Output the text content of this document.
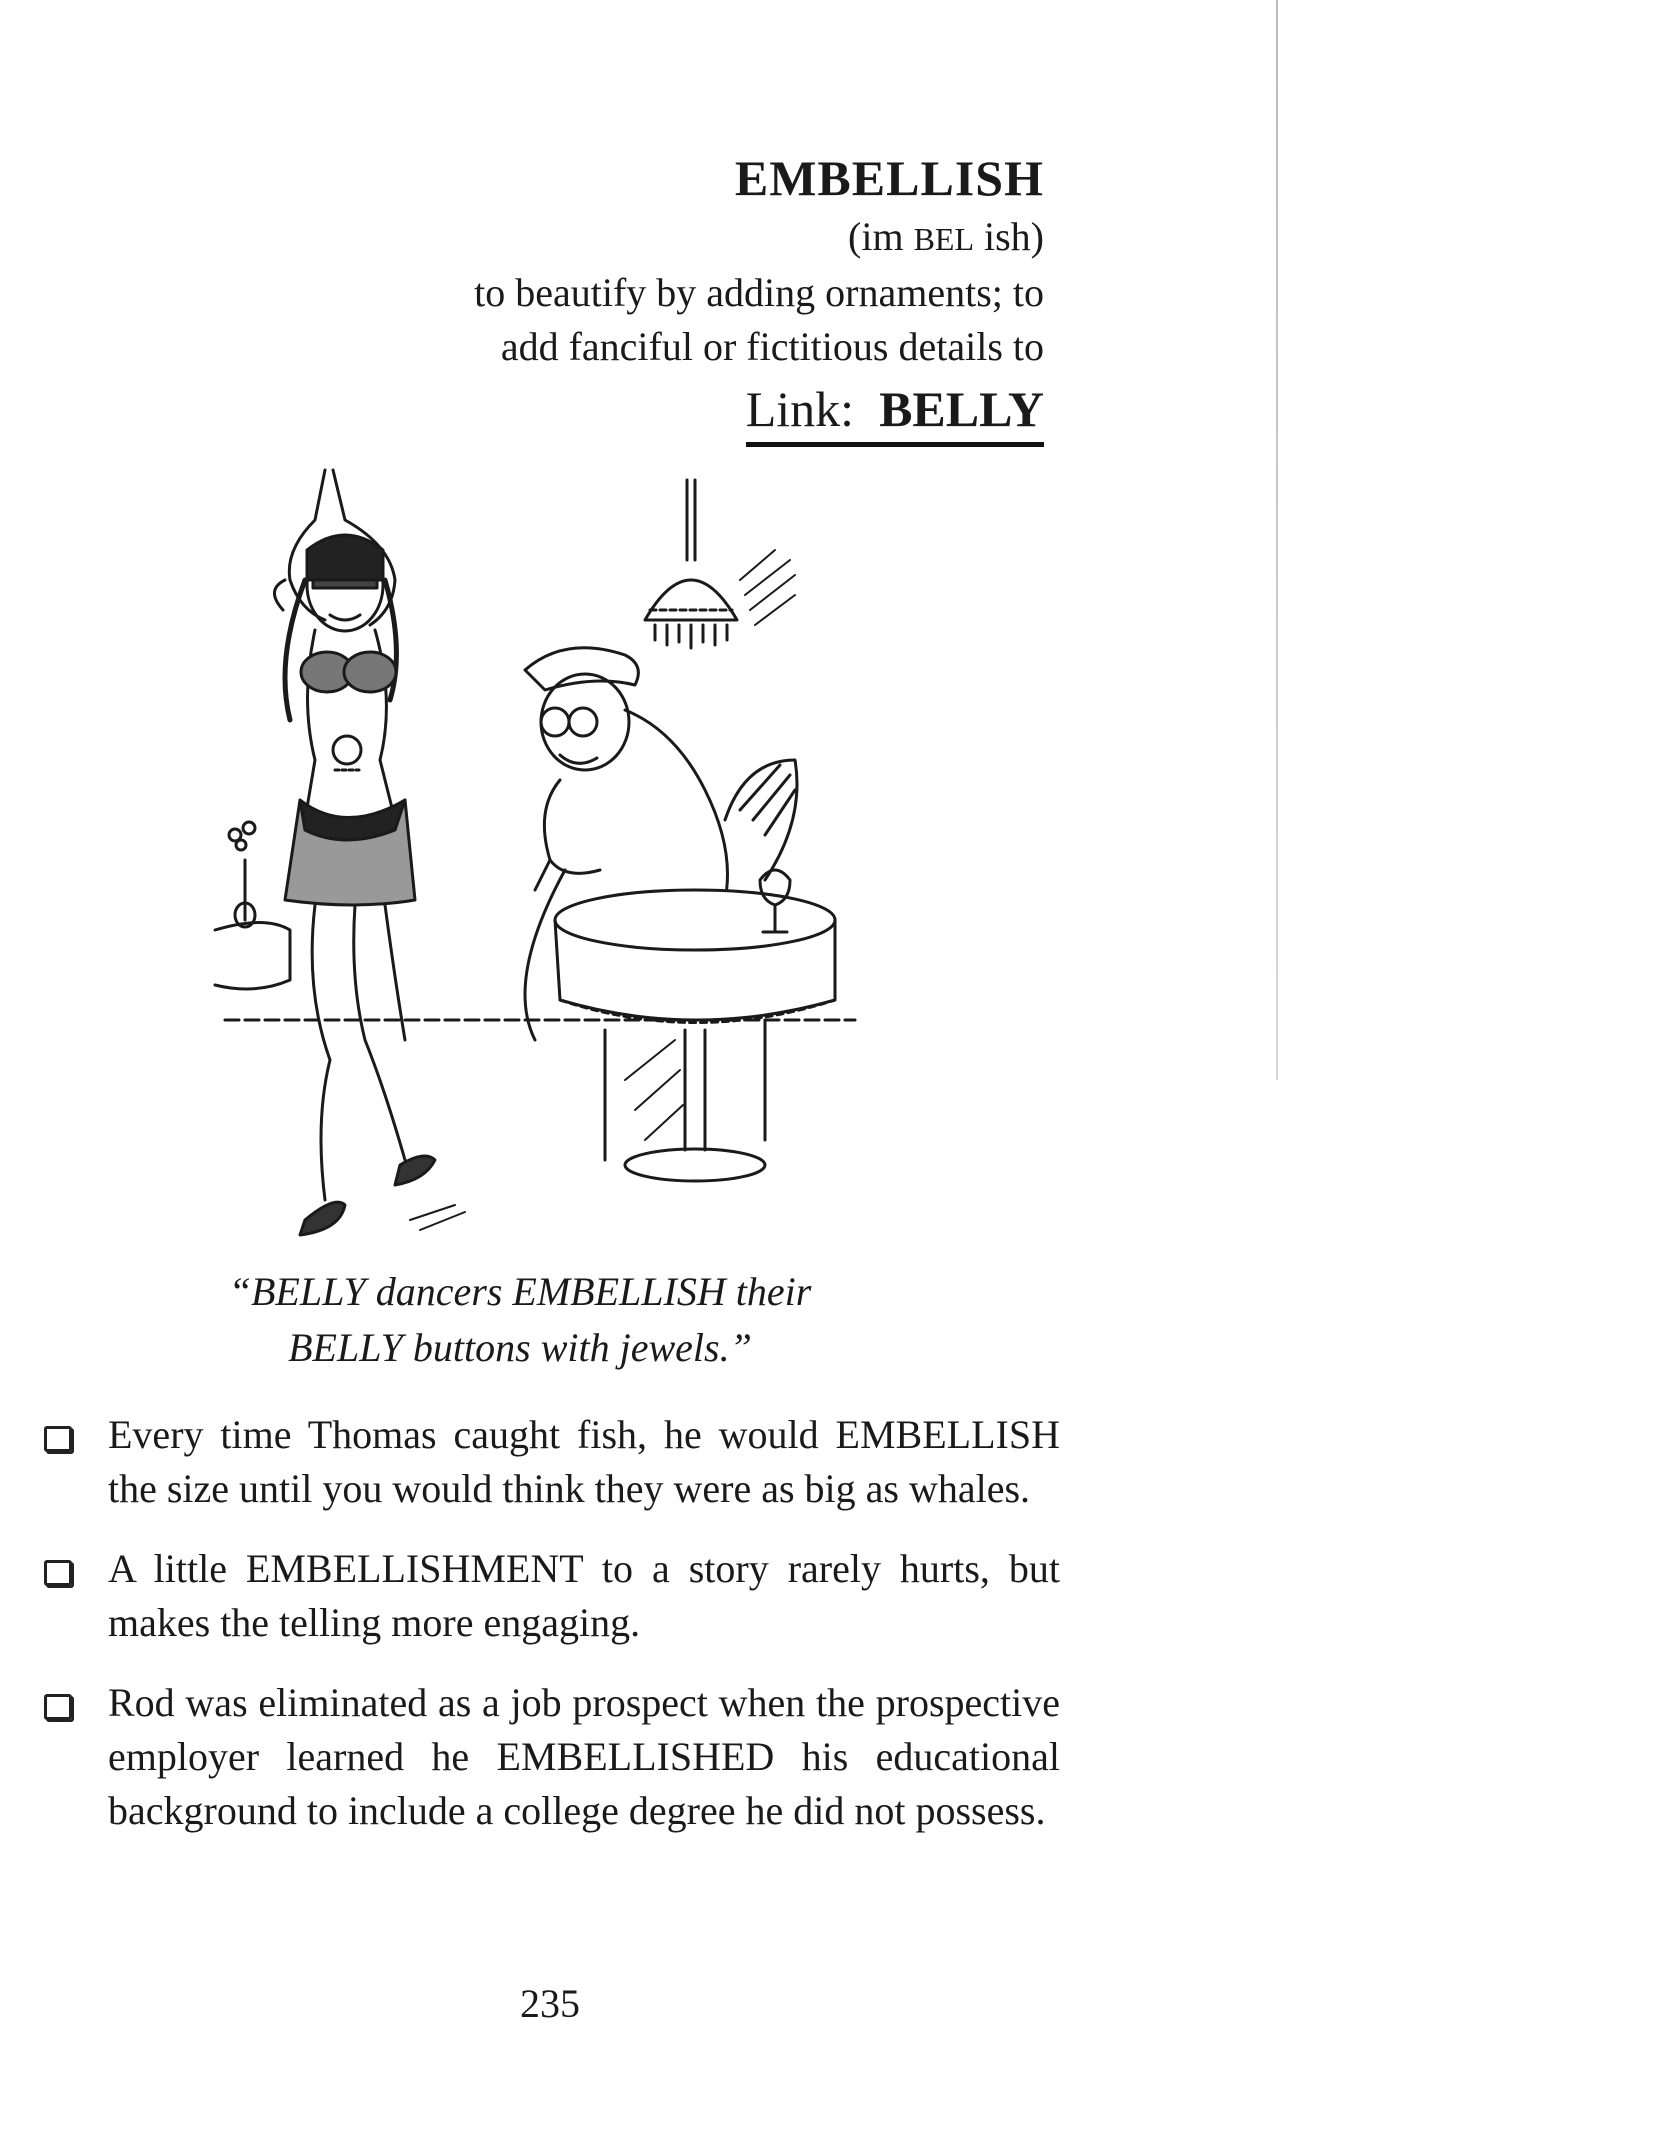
EMBELLISH
(im BEL ish)
to beautify by adding ornaments; to
add fanciful or fictitious details to
Link: BELLY
“BELLY dancers EMBELLISH their
BELLY buttons with jewels.”
Every time Thomas caught fish, he would EMBELLISH the size until you would think they were as big as whales.
A little EMBELLISHMENT to a story rarely hurts, but makes the telling more engaging.
Rod was eliminated as a job prospect when the prospective employer learned he EMBELLISHED his educational background to include a college degree he did not possess.
235
